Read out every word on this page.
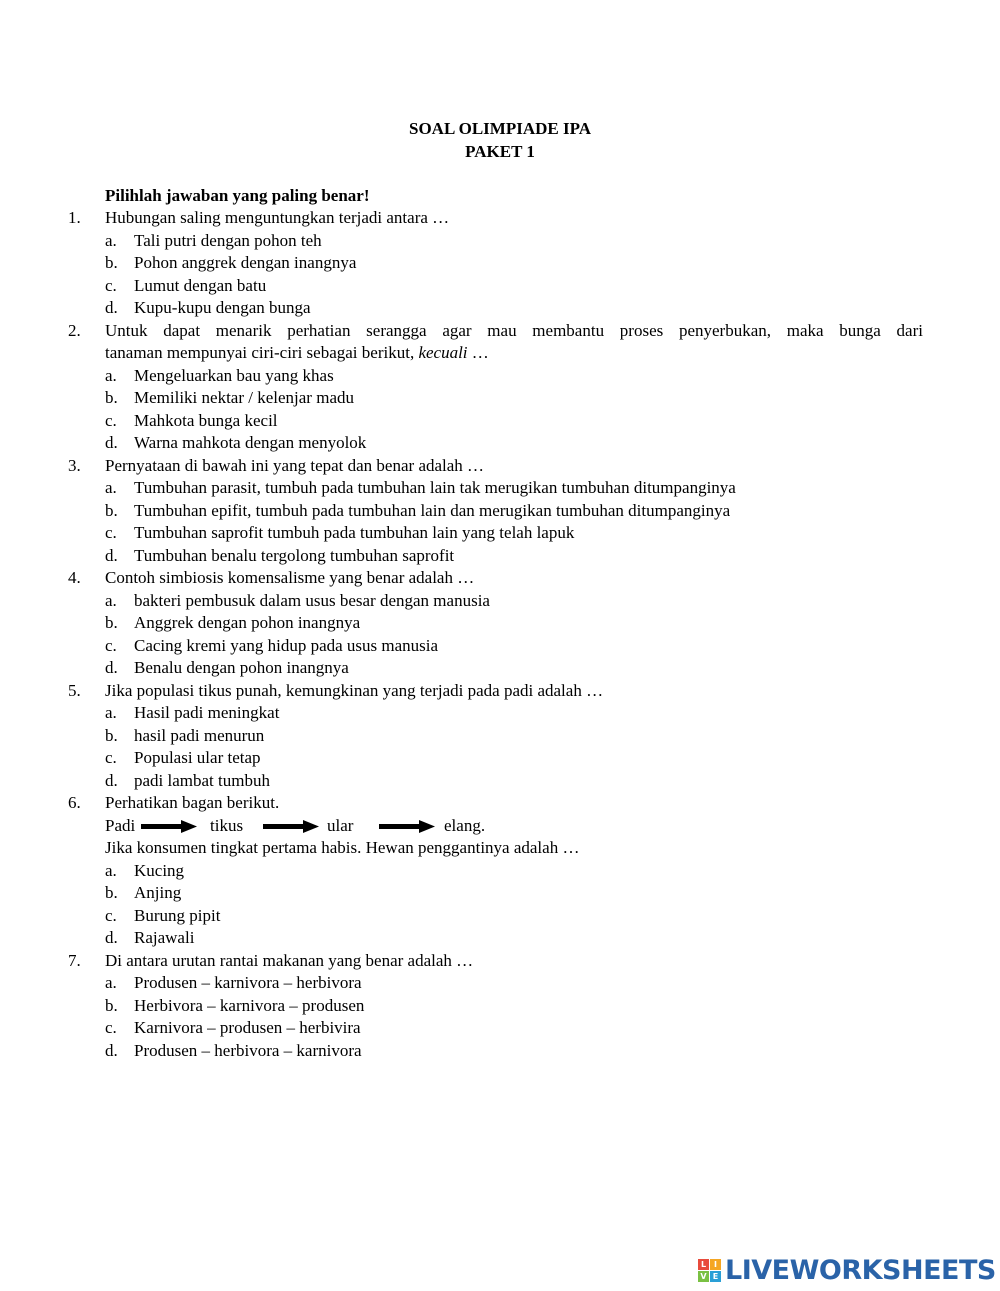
SOAL OLIMPIADE IPA
PAKET 1
Pilihlah jawaban yang paling benar!
1. Hubungan saling menguntungkan terjadi antara …
a. Tali putri dengan pohon teh
b. Pohon anggrek dengan inangnya
c. Lumut dengan batu
d. Kupu-kupu dengan bunga
2. Untuk dapat menarik perhatian serangga agar mau membantu proses penyerbukan, maka bunga dari
tanaman mempunyai ciri-ciri sebagai berikut, kecuali …
a. Mengeluarkan bau yang khas
b. Memiliki nektar / kelenjar madu
c. Mahkota bunga kecil
d. Warna mahkota dengan menyolok
3. Pernyataan di bawah ini yang tepat dan benar adalah …
a. Tumbuhan parasit, tumbuh pada tumbuhan lain tak merugikan tumbuhan ditumpanginya
b. Tumbuhan epifit, tumbuh pada tumbuhan lain dan merugikan tumbuhan ditumpanginya
c. Tumbuhan saprofit tumbuh pada tumbuhan lain yang telah lapuk
d. Tumbuhan benalu tergolong tumbuhan saprofit
4. Contoh simbiosis komensalisme yang benar adalah …
a. bakteri pembusuk dalam usus besar dengan manusia
b. Anggrek dengan pohon inangnya
c. Cacing kremi yang hidup pada usus manusia
d. Benalu dengan pohon inangnya
5. Jika populasi tikus punah, kemungkinan yang terjadi pada padi adalah …
a. Hasil padi meningkat
b. hasil padi menurun
c. Populasi ular tetap
d. padi lambat tumbuh
6. Perhatikan bagan berikut.
Padi	tikus	ular	elang.
Jika konsumen tingkat pertama habis. Hewan penggantinya adalah …
a. Kucing
b. Anjing
c. Burung pipit
d. Rajawali
7. Di antara urutan rantai makanan yang benar adalah …
a. Produsen – karnivora – herbivora
b. Herbivora – karnivora – produsen
c. Karnivora – produsen – herbivira
d. Produsen – herbivora – karnivora
L I
V E LIVEWORKSHEETS
